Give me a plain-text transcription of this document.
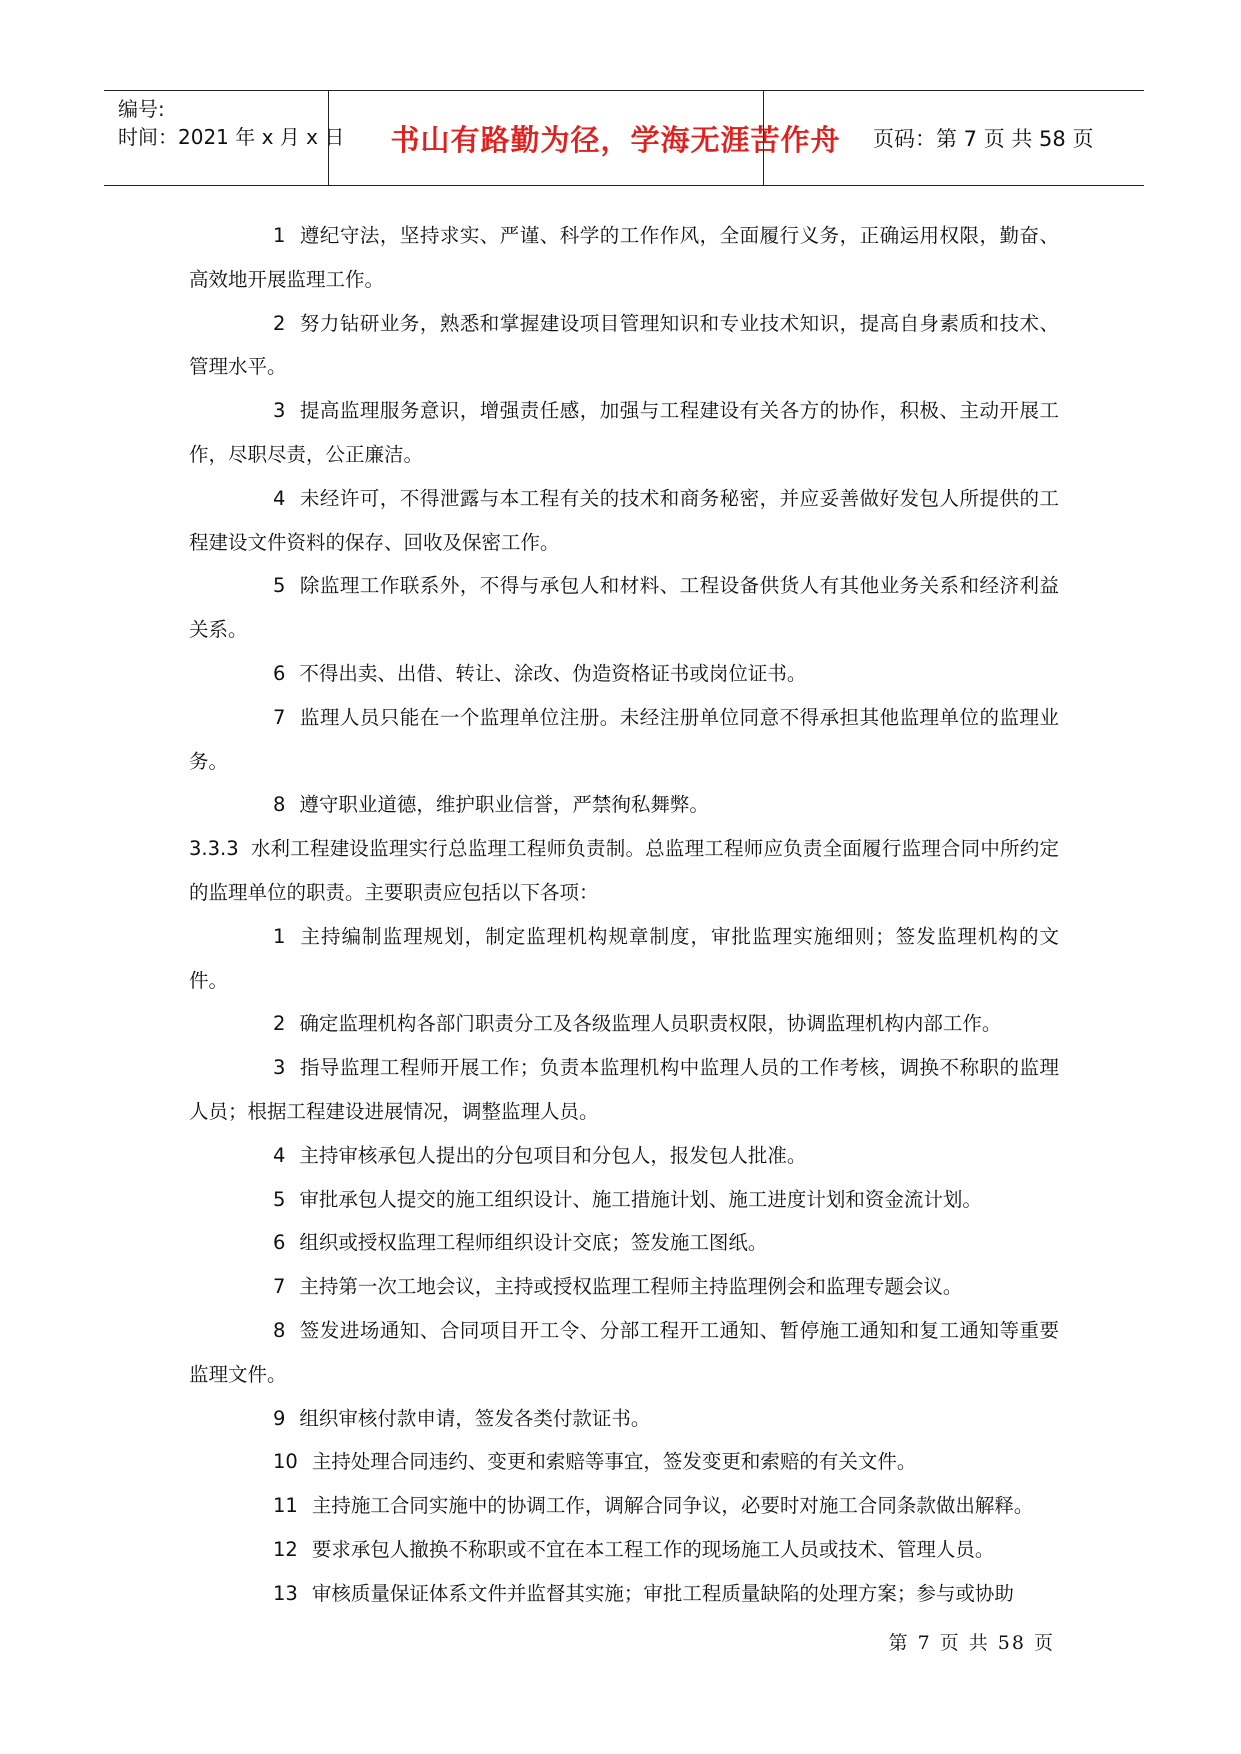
编号:
时间：2021 年 x 月 x 日	书山有路勤为径，学海无涯苦作舟	页码：第 7 页 共 58 页

1 遵纪守法，坚持求实、严谨、科学的工作作风，全面履行义务，正确运用权限，勤奋、高效地开展监理工作。

2 努力钻研业务，熟悉和掌握建设项目管理知识和专业技术知识，提高自身素质和技术、管理水平。

3 提高监理服务意识，增强责任感，加强与工程建设有关各方的协作，积极、主动开展工作，尽职尽责，公正廉洁。

4 未经许可，不得泄露与本工程有关的技术和商务秘密，并应妥善做好发包人所提供的工程建设文件资料的保存、回收及保密工作。

5 除监理工作联系外，不得与承包人和材料、工程设备供货人有其他业务关系和经济利益关系。

6 不得出卖、出借、转让、涂改、伪造资格证书或岗位证书。

7 监理人员只能在一个监理单位注册。未经注册单位同意不得承担其他监理单位的监理业务。

8 遵守职业道德，维护职业信誉，严禁徇私舞弊。

3.3.3 水利工程建设监理实行总监理工程师负责制。总监理工程师应负责全面履行监理合同中所约定的监理单位的职责。主要职责应包括以下各项：

1 主持编制监理规划，制定监理机构规章制度，审批监理实施细则；签发监理机构的文件。

2 确定监理机构各部门职责分工及各级监理人员职责权限，协调监理机构内部工作。

3 指导监理工程师开展工作；负责本监理机构中监理人员的工作考核，调换不称职的监理人员；根据工程建设进展情况，调整监理人员。

4 主持审核承包人提出的分包项目和分包人，报发包人批准。

5 审批承包人提交的施工组织设计、施工措施计划、施工进度计划和资金流计划。

6 组织或授权监理工程师组织设计交底；签发施工图纸。

7 主持第一次工地会议，主持或授权监理工程师主持监理例会和监理专题会议。

8 签发进场通知、合同项目开工令、分部工程开工通知、暂停施工通知和复工通知等重要监理文件。

9 组织审核付款申请，签发各类付款证书。

10 主持处理合同违约、变更和索赔等事宜，签发变更和索赔的有关文件。

11 主持施工合同实施中的协调工作，调解合同争议，必要时对施工合同条款做出解释。

12 要求承包人撤换不称职或不宜在本工程工作的现场施工人员或技术、管理人员。

13 审核质量保证体系文件并监督其实施；审批工程质量缺陷的处理方案；参与或协助

第 7 页 共 58 页
